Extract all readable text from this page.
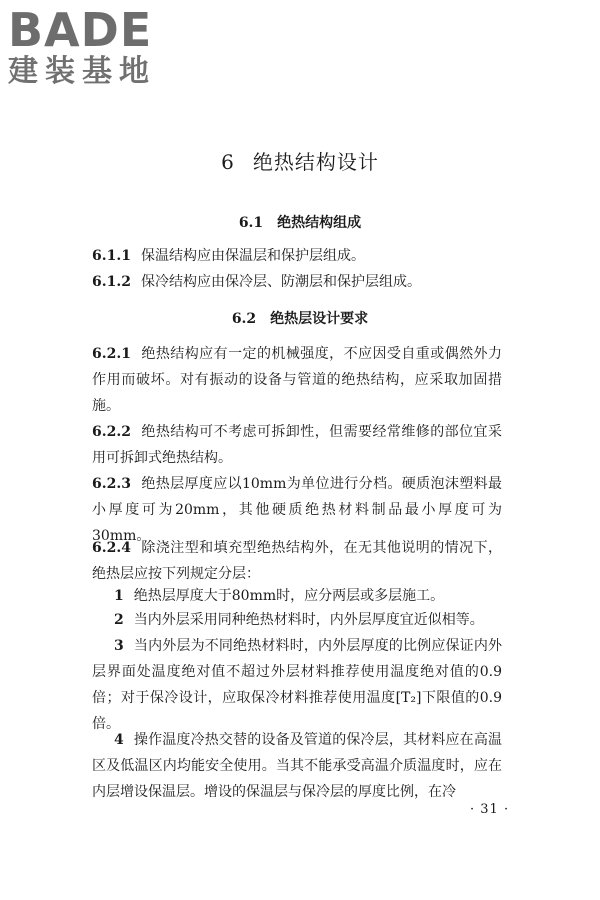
BADE
建装基地
6 绝热结构设计
6.1 绝热结构组成
6.1.1 保温结构应由保温层和保护层组成。
6.1.2 保冷结构应由保冷层、防潮层和保护层组成。
6.2 绝热层设计要求
6.2.1 绝热结构应有一定的机械强度，不应因受自重或偶然外力作用而破坏。对有振动的设备与管道的绝热结构，应采取加固措施。
6.2.2 绝热结构可不考虑可拆卸性，但需要经常维修的部位宜采用可拆卸式绝热结构。
6.2.3 绝热层厚度应以10mm为单位进行分档。硬质泡沫塑料最小厚度可为20mm，其他硬质绝热材料制品最小厚度可为30mm。
6.2.4 除浇注型和填充型绝热结构外，在无其他说明的情况下，绝热层应按下列规定分层：
1 绝热层厚度大于80mm时，应分两层或多层施工。
2 当内外层采用同种绝热材料时，内外层厚度宜近似相等。
3 当内外层为不同绝热材料时，内外层厚度的比例应保证内外层界面处温度绝对值不超过外层材料推荐使用温度绝对值的0.9倍；对于保冷设计，应取保冷材料推荐使用温度[T₂]下限值的0.9倍。
4 操作温度冷热交替的设备及管道的保冷层，其材料应在高温区及低温区内均能安全使用。当其不能承受高温介质温度时，应在内层增设保温层。增设的保温层与保冷层的厚度比例，在冷
· 31 ·
